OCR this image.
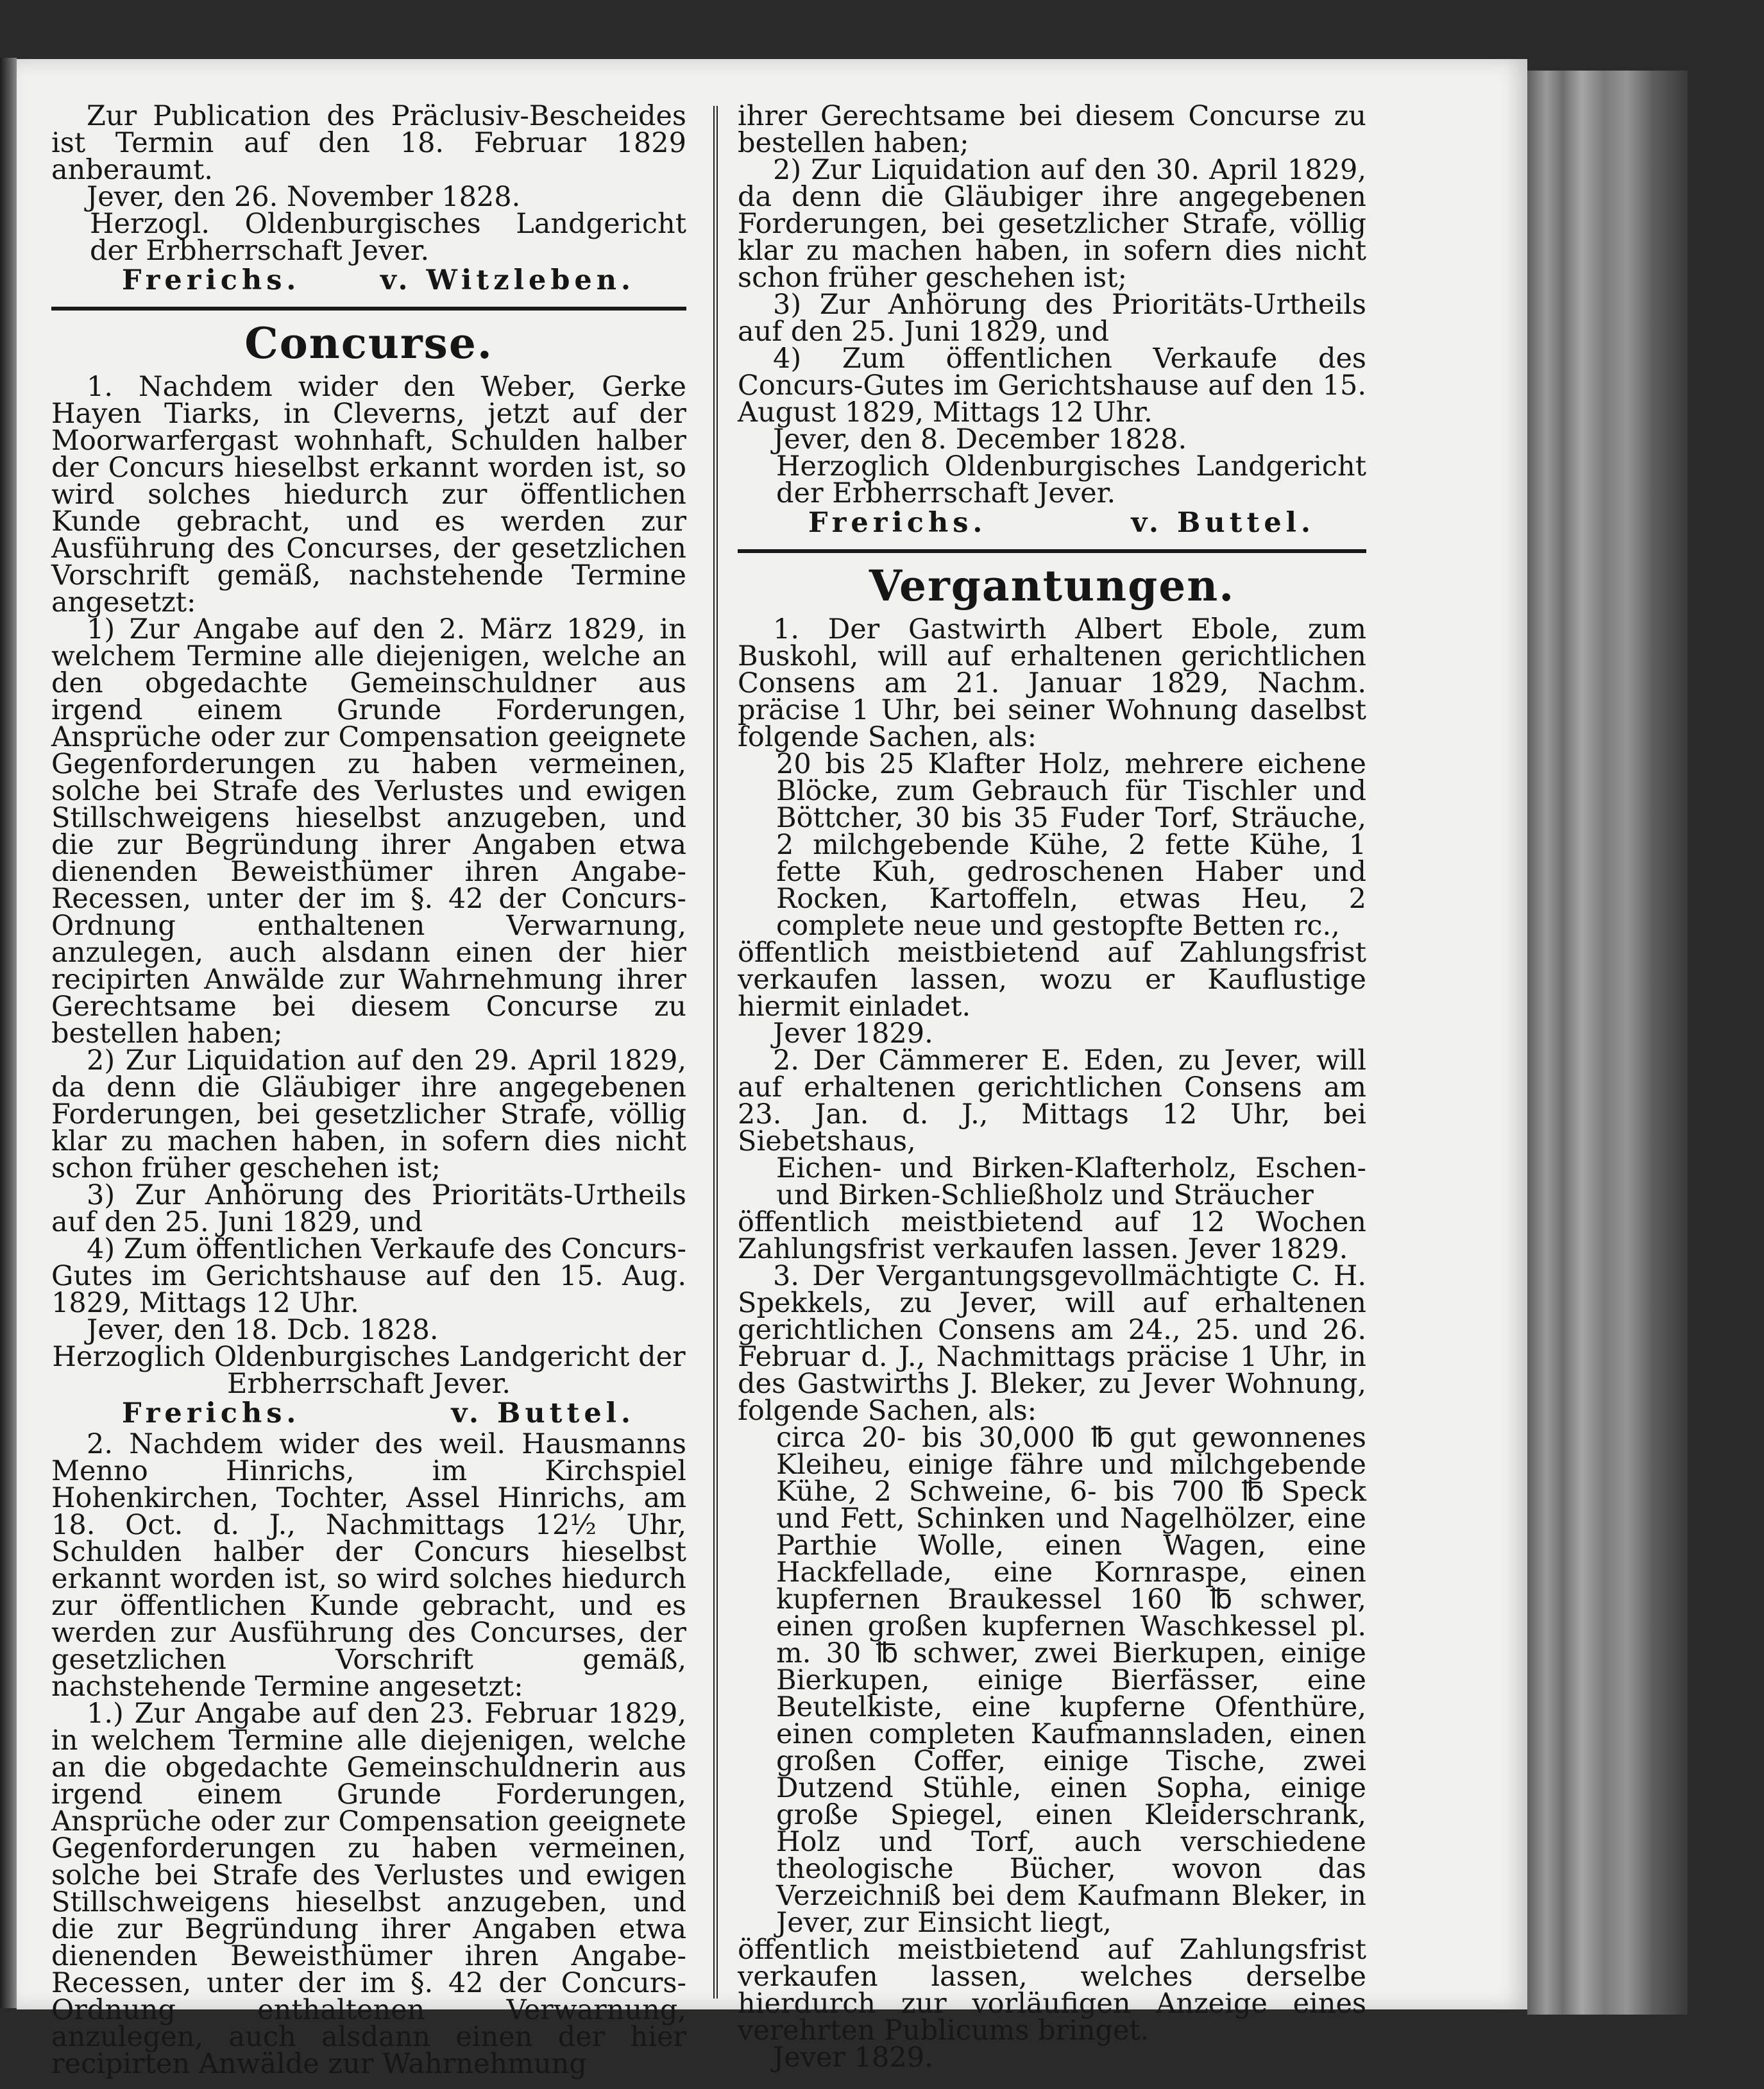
Zur Publication des Präclusiv-Bescheides ist Termin auf den 18. Februar 1829 anberaumt.

Jever, den 26. November 1828.

Herzogl. Oldenburgisches Landgericht der Erbherrschaft Jever.

Frerichs.	v. Witzleben.
Concurse.

1. Nachdem wider den Weber, Gerke Hayen Tiarks, in Cleverns, jetzt auf der Moorwarfergast wohnhaft, Schulden halber der Concurs hieselbst erkannt worden ist, so wird solches hiedurch zur öffentlichen Kunde gebracht, und es werden zur Ausführung des Concurses, der gesetzlichen Vorschrift gemäß, nachstehende Termine angesetzt:

1) Zur Angabe auf den 2. März 1829, in welchem Termine alle diejenigen, welche an den obgedachte Gemeinschuldner aus irgend einem Grunde Forderungen, Ansprüche oder zur Compensation geeignete Gegenforderungen zu haben vermeinen, solche bei Strafe des Verlustes und ewigen Stillschweigens hieselbst anzugeben, und die zur Begründung ihrer Angaben etwa dienenden Beweisthümer ihren Angabe-Recessen, unter der im §. 42 der Concurs-Ordnung enthaltenen Verwarnung, anzulegen, auch alsdann einen der hier recipirten Anwälde zur Wahrnehmung ihrer Gerechtsame bei diesem Concurse zu bestellen haben;

2) Zur Liquidation auf den 29. April 1829, da denn die Gläubiger ihre angegebenen Forderungen, bei gesetzlicher Strafe, völlig klar zu machen haben, in sofern dies nicht schon früher geschehen ist;

3) Zur Anhörung des Prioritäts-Urtheils auf den 25. Juni 1829, und

4) Zum öffentlichen Verkaufe des Concurs-Gutes im Gerichtshause auf den 15. Aug. 1829, Mittags 12 Uhr.

Jever, den 18. Dcb. 1828.

Herzoglich Oldenburgisches Landgericht der Erbherrschaft Jever.

Frerichs.	v. Buttel.

2. Nachdem wider des weil. Hausmanns Menno Hinrichs, im Kirchspiel Hohenkirchen, Tochter, Assel Hinrichs, am 18. Oct. d. J., Nachmittags 12½ Uhr, Schulden halber der Concurs hieselbst erkannt worden ist, so wird solches hiedurch zur öffentlichen Kunde gebracht, und es werden zur Ausführung des Concurses, der gesetzlichen Vorschrift gemäß, nachstehende Termine angesetzt:

1.) Zur Angabe auf den 23. Februar 1829, in welchem Termine alle diejenigen, welche an die obgedachte Gemeinschuldnerin aus irgend einem Grunde Forderungen, Ansprüche oder zur Compensation geeignete Gegenforderungen zu haben vermeinen, solche bei Strafe des Verlustes und ewigen Stillschweigens hieselbst anzugeben, und die zur Begründung ihrer Angaben etwa dienenden Beweisthümer ihren Angabe-Recessen, unter der im §. 42 der Concurs-Ordnung enthaltenen Verwarnung, anzulegen, auch alsdann einen der hier recipirten Anwälde zur Wahrnehmung

ihrer Gerechtsame bei diesem Concurse zu bestellen haben;

2) Zur Liquidation auf den 30. April 1829, da denn die Gläubiger ihre angegebenen Forderungen, bei gesetzlicher Strafe, völlig klar zu machen haben, in sofern dies nicht schon früher geschehen ist;

3) Zur Anhörung des Prioritäts-Urtheils auf den 25. Juni 1829, und

4) Zum öffentlichen Verkaufe des Concurs-Gutes im Gerichtshause auf den 15. August 1829, Mittags 12 Uhr.

Jever, den 8. December 1828.

Herzoglich Oldenburgisches Landgericht der Erbherrschaft Jever.

Frerichs.	v. Buttel.
Vergantungen.

1. Der Gastwirth Albert Ebole, zum Buskohl, will auf erhaltenen gerichtlichen Consens am 21. Januar 1829, Nachm. präcise 1 Uhr, bei seiner Wohnung daselbst folgende Sachen, als:

20 bis 25 Klafter Holz, mehrere eichene Blöcke, zum Gebrauch für Tischler und Böttcher, 30 bis 35 Fuder Torf, Sträuche, 2 milchgebende Kühe, 2 fette Kühe, 1 fette Kuh, gedroschenen Haber und Rocken, Kartoffeln, etwas Heu, 2 complete neue und gestopfte Betten rc.,

öffentlich meistbietend auf Zahlungsfrist verkaufen lassen, wozu er Kauflustige hiermit einladet.

Jever 1829.

2. Der Cämmerer E. Eden, zu Jever, will auf erhaltenen gerichtlichen Consens am 23. Jan. d. J., Mittags 12 Uhr, bei Siebetshaus,

Eichen- und Birken-Klafterholz, Eschen- und Birken-Schließholz und Sträucher

öffentlich meistbietend auf 12 Wochen Zahlungsfrist verkaufen lassen. Jever 1829.

3. Der Vergantungsgevollmächtigte C. H. Spekkels, zu Jever, will auf erhaltenen gerichtlichen Consens am 24., 25. und 26. Februar d. J., Nachmittags präcise 1 Uhr, in des Gastwirths J. Bleker, zu Jever Wohnung, folgende Sachen, als:

circa 20- bis 30,000 ℔ gut gewonnenes Kleiheu, einige fähre und milchgebende Kühe, 2 Schweine, 6- bis 700 ℔ Speck und Fett, Schinken und Nagelhölzer, eine Parthie Wolle, einen Wagen, eine Hackfellade, eine Kornraspe, einen kupfernen Braukessel 160 ℔ schwer, einen großen kupfernen Waschkessel pl. m. 30 ℔ schwer, zwei Bierkupen, einige Bierkupen, einige Bierfässer, eine Beutelkiste, eine kupferne Ofenthüre, einen completen Kaufmannsladen, einen großen Coffer, einige Tische, zwei Dutzend Stühle, einen Sopha, einige große Spiegel, einen Kleiderschrank, Holz und Torf, auch verschiedene theologische Bücher, wovon das Verzeichniß bei dem Kaufmann Bleker, in Jever, zur Einsicht liegt,

öffentlich meistbietend auf Zahlungsfrist verkaufen lassen, welches derselbe hierdurch zur vorläufigen Anzeige eines verehrten Publicums bringet.

Jever 1829.
